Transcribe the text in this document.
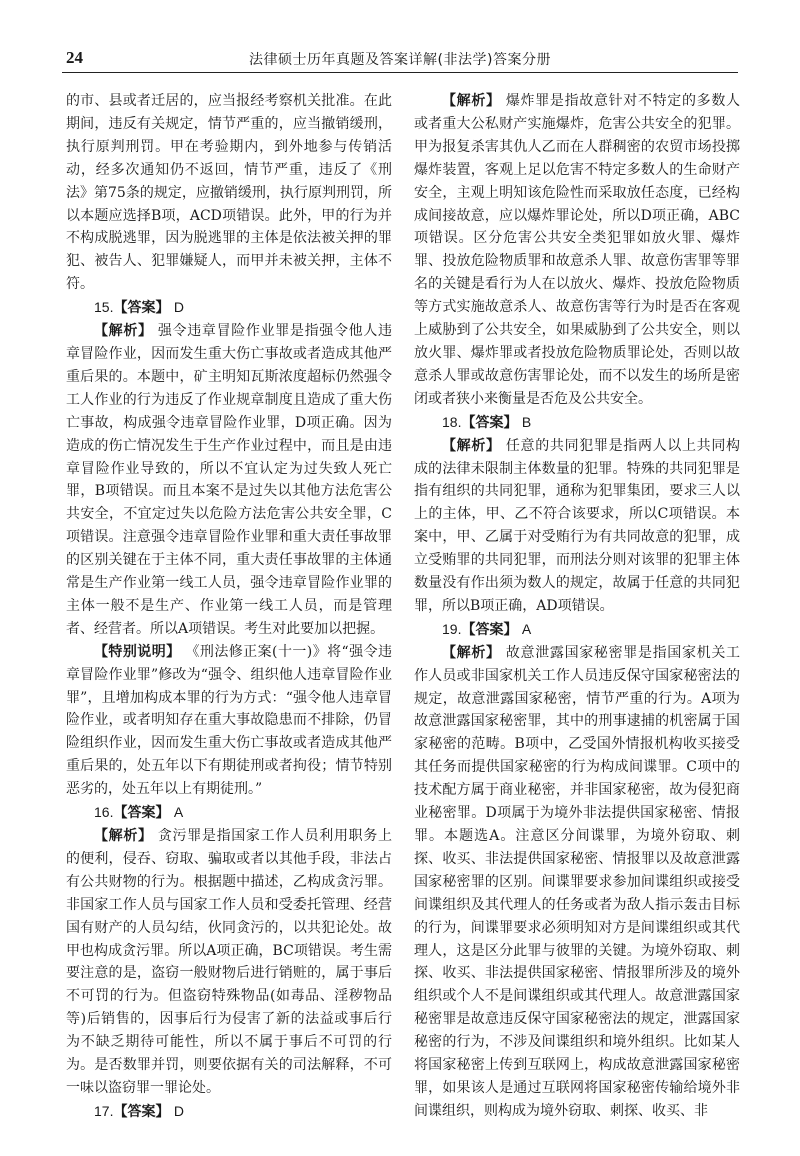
24	法律硕士历年真题及答案详解(非法学)答案分册

的市、县或者迁居的，应当报经考察机关批准。在此期间，违反有关规定，情节严重的，应当撤销缓刑，执行原判刑罚。甲在考验期内，到外地参与传销活动，经多次通知仍不返回，情节严重，违反了《刑法》第75条的规定，应撤销缓刑，执行原判刑罚，所以本题应选择B项，ACD项错误。此外，甲的行为并不构成脱逃罪，因为脱逃罪的主体是依法被关押的罪犯、被告人、犯罪嫌疑人，而甲并未被关押，主体不符。

15.【答案】 D

【解析】 强令违章冒险作业罪是指强令他人违章冒险作业，因而发生重大伤亡事故或者造成其他严重后果的。本题中，矿主明知瓦斯浓度超标仍然强令工人作业的行为违反了作业规章制度且造成了重大伤亡事故，构成强令违章冒险作业罪，D项正确。因为造成的伤亡情况发生于生产作业过程中，而且是由违章冒险作业导致的，所以不宜认定为过失致人死亡罪，B项错误。而且本案不是过失以其他方法危害公共安全，不宜定过失以危险方法危害公共安全罪，C项错误。注意强令违章冒险作业罪和重大责任事故罪的区别关键在于主体不同，重大责任事故罪的主体通常是生产作业第一线工人员，强令违章冒险作业罪的主体一般不是生产、作业第一线工人员，而是管理者、经营者。所以A项错误。考生对此要加以把握。

【特别说明】 《刑法修正案(十一)》将“强令违章冒险作业罪”修改为“强令、组织他人违章冒险作业罪”，且增加构成本罪的行为方式：“强令他人违章冒险作业，或者明知存在重大事故隐患而不排除，仍冒险组织作业，因而发生重大伤亡事故或者造成其他严重后果的，处五年以下有期徒刑或者拘役；情节特别恶劣的，处五年以上有期徒刑。”

16.【答案】 A

【解析】 贪污罪是指国家工作人员利用职务上的便利，侵吞、窃取、骗取或者以其他手段，非法占有公共财物的行为。根据题中描述，乙构成贪污罪。非国家工作人员与国家工作人员和受委托管理、经营国有财产的人员勾结，伙同贪污的，以共犯论处。故甲也构成贪污罪。所以A项正确，BC项错误。考生需要注意的是，盗窃一般财物后进行销赃的，属于事后不可罚的行为。但盗窃特殊物品(如毒品、淫秽物品等)后销售的，因事后行为侵害了新的法益或事后行为不缺乏期待可能性，所以不属于事后不可罚的行为。是否数罪并罚，则要依据有关的司法解释，不可一味以盗窃罪一罪论处。

17.【答案】 D

【解析】 爆炸罪是指故意针对不特定的多数人或者重大公私财产实施爆炸，危害公共安全的犯罪。甲为报复杀害其仇人乙而在人群稠密的农贸市场投掷爆炸装置，客观上足以危害不特定多数人的生命财产安全，主观上明知该危险性而采取放任态度，已经构成间接故意，应以爆炸罪论处，所以D项正确，ABC项错误。区分危害公共安全类犯罪如放火罪、爆炸罪、投放危险物质罪和故意杀人罪、故意伤害罪等罪名的关键是看行为人在以放火、爆炸、投放危险物质等方式实施故意杀人、故意伤害等行为时是否在客观上威胁到了公共安全，如果威胁到了公共安全，则以放火罪、爆炸罪或者投放危险物质罪论处，否则以故意杀人罪或故意伤害罪论处，而不以发生的场所是密闭或者狭小来衡量是否危及公共安全。

18.【答案】 B

【解析】 任意的共同犯罪是指两人以上共同构成的法律未限制主体数量的犯罪。特殊的共同犯罪是指有组织的共同犯罪，通称为犯罪集团，要求三人以上的主体，甲、乙不符合该要求，所以C项错误。本案中，甲、乙属于对受贿行为有共同故意的犯罪，成立受贿罪的共同犯罪，而刑法分则对该罪的犯罪主体数量没有作出须为数人的规定，故属于任意的共同犯罪，所以B项正确，AD项错误。

19.【答案】 A

【解析】 故意泄露国家秘密罪是指国家机关工作人员或非国家机关工作人员违反保守国家秘密法的规定，故意泄露国家秘密，情节严重的行为。A项为故意泄露国家秘密罪，其中的刑事逮捕的机密属于国家秘密的范畴。B项中，乙受国外情报机构收买接受其任务而提供国家秘密的行为构成间谍罪。C项中的技术配方属于商业秘密，并非国家秘密，故为侵犯商业秘密罪。D项属于为境外非法提供国家秘密、情报罪。本题选A。注意区分间谍罪，为境外窃取、刺探、收买、非法提供国家秘密、情报罪以及故意泄露国家秘密罪的区别。间谍罪要求参加间谍组织或接受间谍组织及其代理人的任务或者为敌人指示轰击目标的行为，间谍罪要求必须明知对方是间谍组织或其代理人，这是区分此罪与彼罪的关键。为境外窃取、刺探、收买、非法提供国家秘密、情报罪所涉及的境外组织或个人不是间谍组织或其代理人。故意泄露国家秘密罪是故意违反保守国家秘密法的规定，泄露国家秘密的行为，不涉及间谍组织和境外组织。比如某人将国家秘密上传到互联网上，构成故意泄露国家秘密罪，如果该人是通过互联网将国家秘密传输给境外非间谍组织，则构成为境外窃取、刺探、收买、非
